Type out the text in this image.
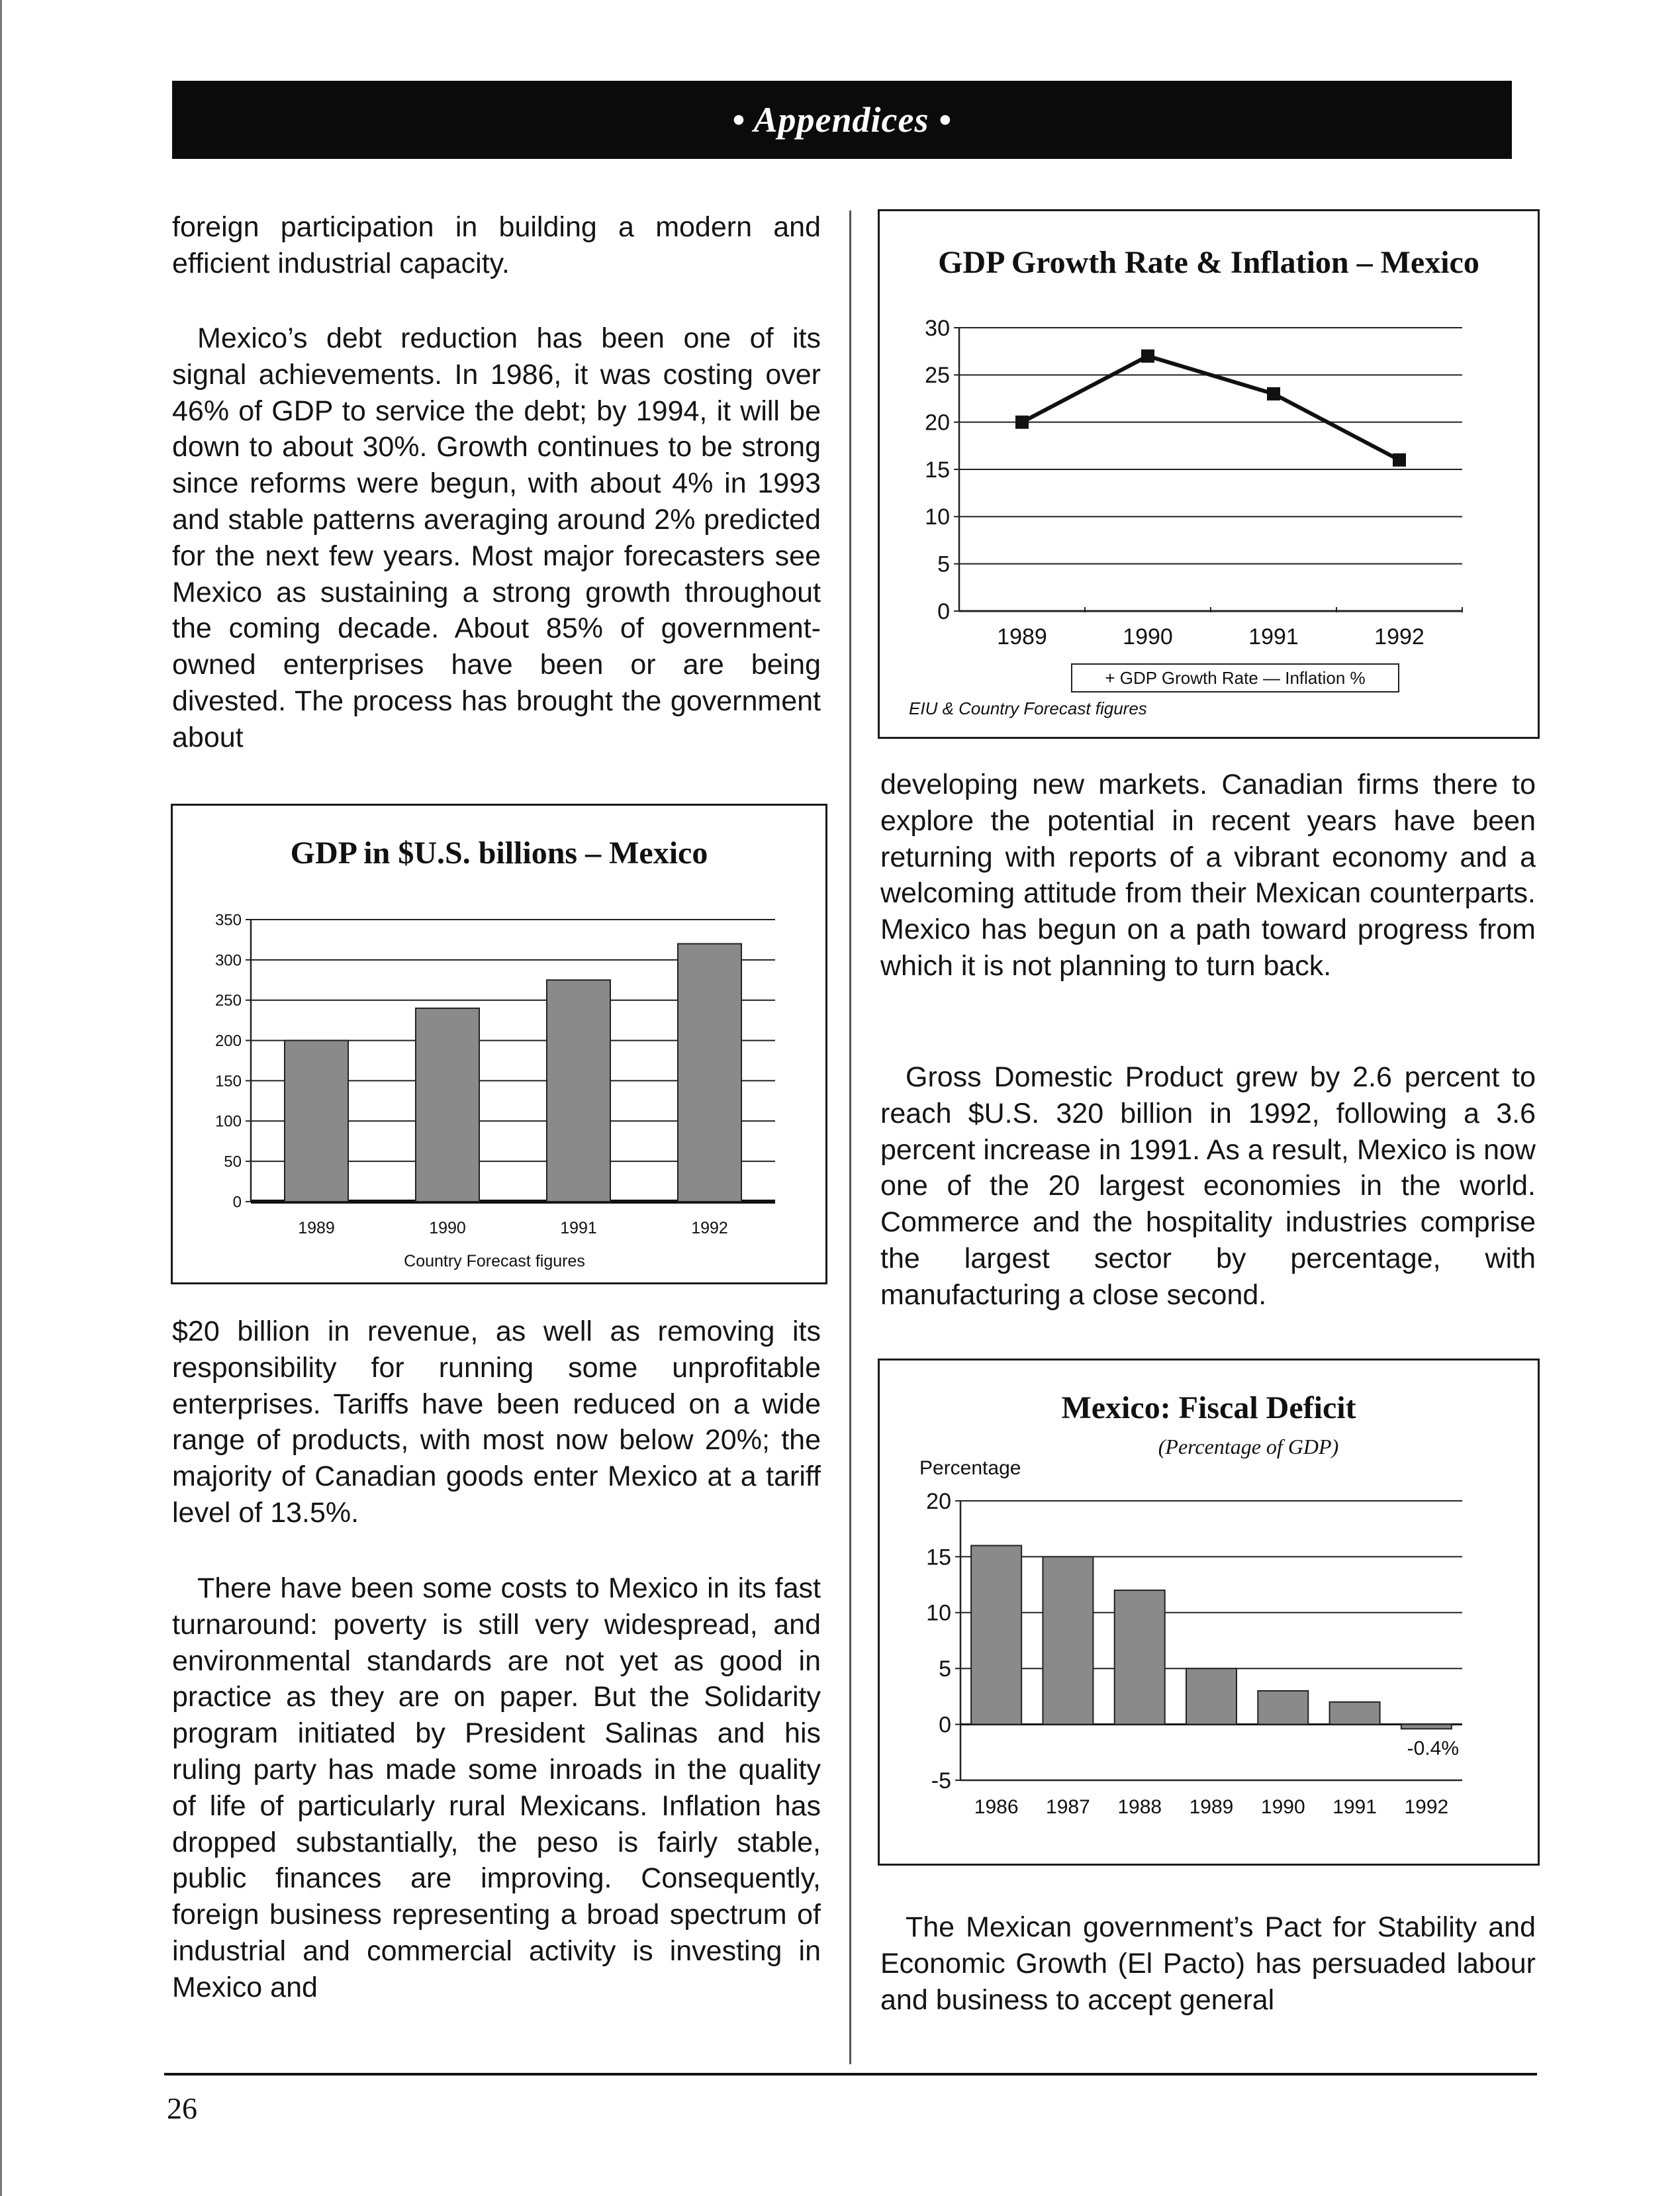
• Appendices •

foreign participation in building a modern and efficient industrial capacity.

Mexico’s debt reduction has been one of its signal achievements. In 1986, it was costing over 46% of GDP to service the debt; by 1994, it will be down to about 30%. Growth continues to be strong since reforms were begun, with about 4% in 1993 and stable patterns averaging around 2% predicted for the next few years. Most major forecasters see Mexico as sustaining a strong growth throughout the coming decade. About 85% of government-owned enterprises have been or are being divested. The process has brought the government about

GDP in $U.S. billions – Mexico
0
50
100
150
200
250
300
350
1989	1990	1991	1992
Country Forecast figures

$20 billion in revenue, as well as removing its responsibility for running some unprofitable enterprises. Tariffs have been reduced on a wide range of products, with most now below 20%; the majority of Canadian goods enter Mexico at a tariff level of 13.5%.

There have been some costs to Mexico in its fast turnaround: poverty is still very widespread, and environmental standards are not yet as good in practice as they are on paper. But the Solidarity program initiated by President Salinas and his ruling party has made some inroads in the quality of life of particularly rural Mexicans. Inflation has dropped substantially, the peso is fairly stable, public finances are improving. Consequently, foreign business representing a broad spectrum of industrial and commercial activity is investing in Mexico and

GDP Growth Rate & Inflation – Mexico
0
5
10
15
20
25
30
1989	1990	1991	1992
+ GDP Growth Rate — Inflation %
EIU & Country Forecast figures

developing new markets. Canadian firms there to explore the potential in recent years have been returning with reports of a vibrant economy and a welcoming attitude from their Mexican counterparts. Mexico has begun on a path toward progress from which it is not planning to turn back.

Gross Domestic Product grew by 2.6 percent to reach $U.S. 320 billion in 1992, following a 3.6 percent increase in 1991. As a result, Mexico is now one of the 20 largest economies in the world. Commerce and the hospitality industries comprise the largest sector by percentage, with manufacturing a close second.

Mexico: Fiscal Deficit
(Percentage of GDP)
Percentage
-5
0
5
10
15
20
1986 1987 1988 1989 1990 1991 1992
-0.4%

The Mexican government’s Pact for Stability and Economic Growth (El Pacto) has persuaded labour and business to accept general

26
